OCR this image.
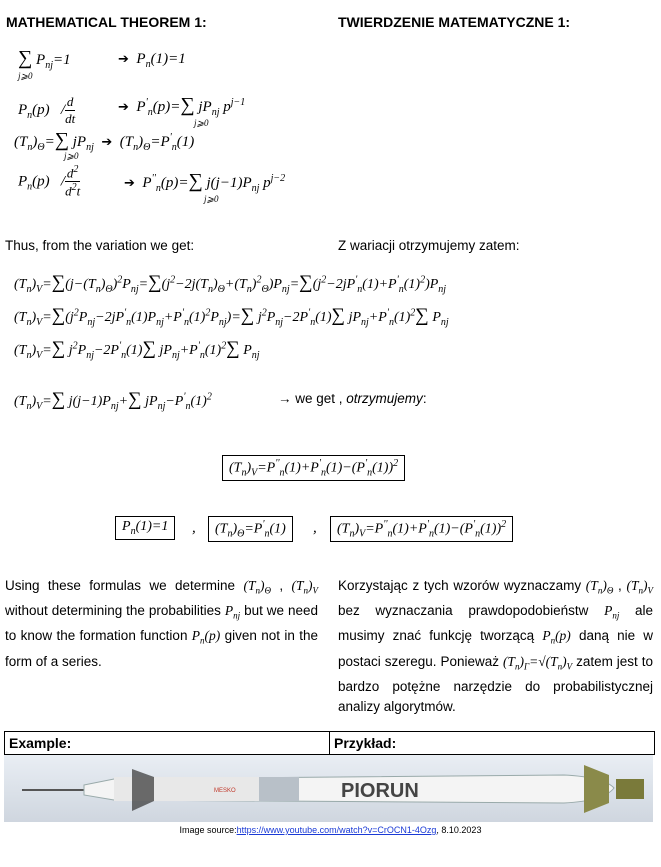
MATHEMATICAL THEOREM 1:	TWIERDZENIE MATEMATYCZNE 1:
∑ $P_{nj}=1$
j⩾0
➔  $P_n(1)=1$
$P_n(p) / \frac{d}{dt}$	➔  $P'_n(p)=\sum$ $jP_{nj}$ $p^{j-1}$
j⩾0
$(T_n)_\Theta=\sum$ $jP_{nj}$ ➔  $(T_n)_\Theta=P'_n(1)$
j⩾0
$P_n(p) / \frac{d^2}{d^2t}$	➔  $P''_n(p)=\sum$ $j(j-1)P_{nj}$ $p^{j-2}$
j⩾0
Thus, from the variation we get:	Z wariacji otrzymujemy zatem:
$(T_n)_V=\sum(j-(T_n)_\Theta)^2P_{nj}=\sum(j^2-2j(T_n)_\Theta+(T_n)^2_\Theta)P_{nj}=\sum(j^2-2jP'_n(1)+P'_n(1)^2)P_{nj}$
$(T_n)_V=\sum(j^2P_{nj}-2jP'_n(1)P_{nj}+P'_n(1)^2P_{nj})=\sum$ $j^2P_{nj}-2P'_n(1)\sum$ $jP_{nj}+P'_n(1)^2\sum$ $P_{nj}$
$(T_n)_V=\sum$ $j^2P_{nj}-2P'_n(1)\sum$ $jP_{nj}+P'_n(1)^2\sum$ $P_{nj}$
$(T_n)_V=\sum$ $j(j-1)P_{nj}+\sum$ $jP_{nj}-P'_n(1)^2$	→ we get , otrzymujemy:
$(T_n)_V=P''_n(1)+P'_n(1)-(P'_n(1))^2$
$P_n(1)=1$	,	$(T_n)_\Theta=P'_n(1)$	,	$(T_n)_V=P''_n(1)+P'_n(1)-(P'_n(1))^2$
Using these formulas we determine $(T_n)_\Theta$ , $(T_n)_V$ without determining the probabilities $P_{nj}$ but we need to know the formation function $P_n(p)$ given not in the form of a series.
Korzystając z tych wzorów wyznaczamy $(T_n)_\Theta$ , $(T_n)_V$ bez wyznaczania prawdopodobieństw $P_{nj}$ ale musimy znać funkcję tworzącą $P_n(p)$ daną nie w postaci szeregu. Ponieważ $(T_n)_\Gamma=√(T_n)_V$ zatem jest to bardzo potężne narzędzie do probabilistycznej analizy algorytmów.
Example:	Przykład:
PIORUN
MESKO
Image source:https://www.youtube.com/watch?v=CrOCN1-4Ozg, 8.10.2023
